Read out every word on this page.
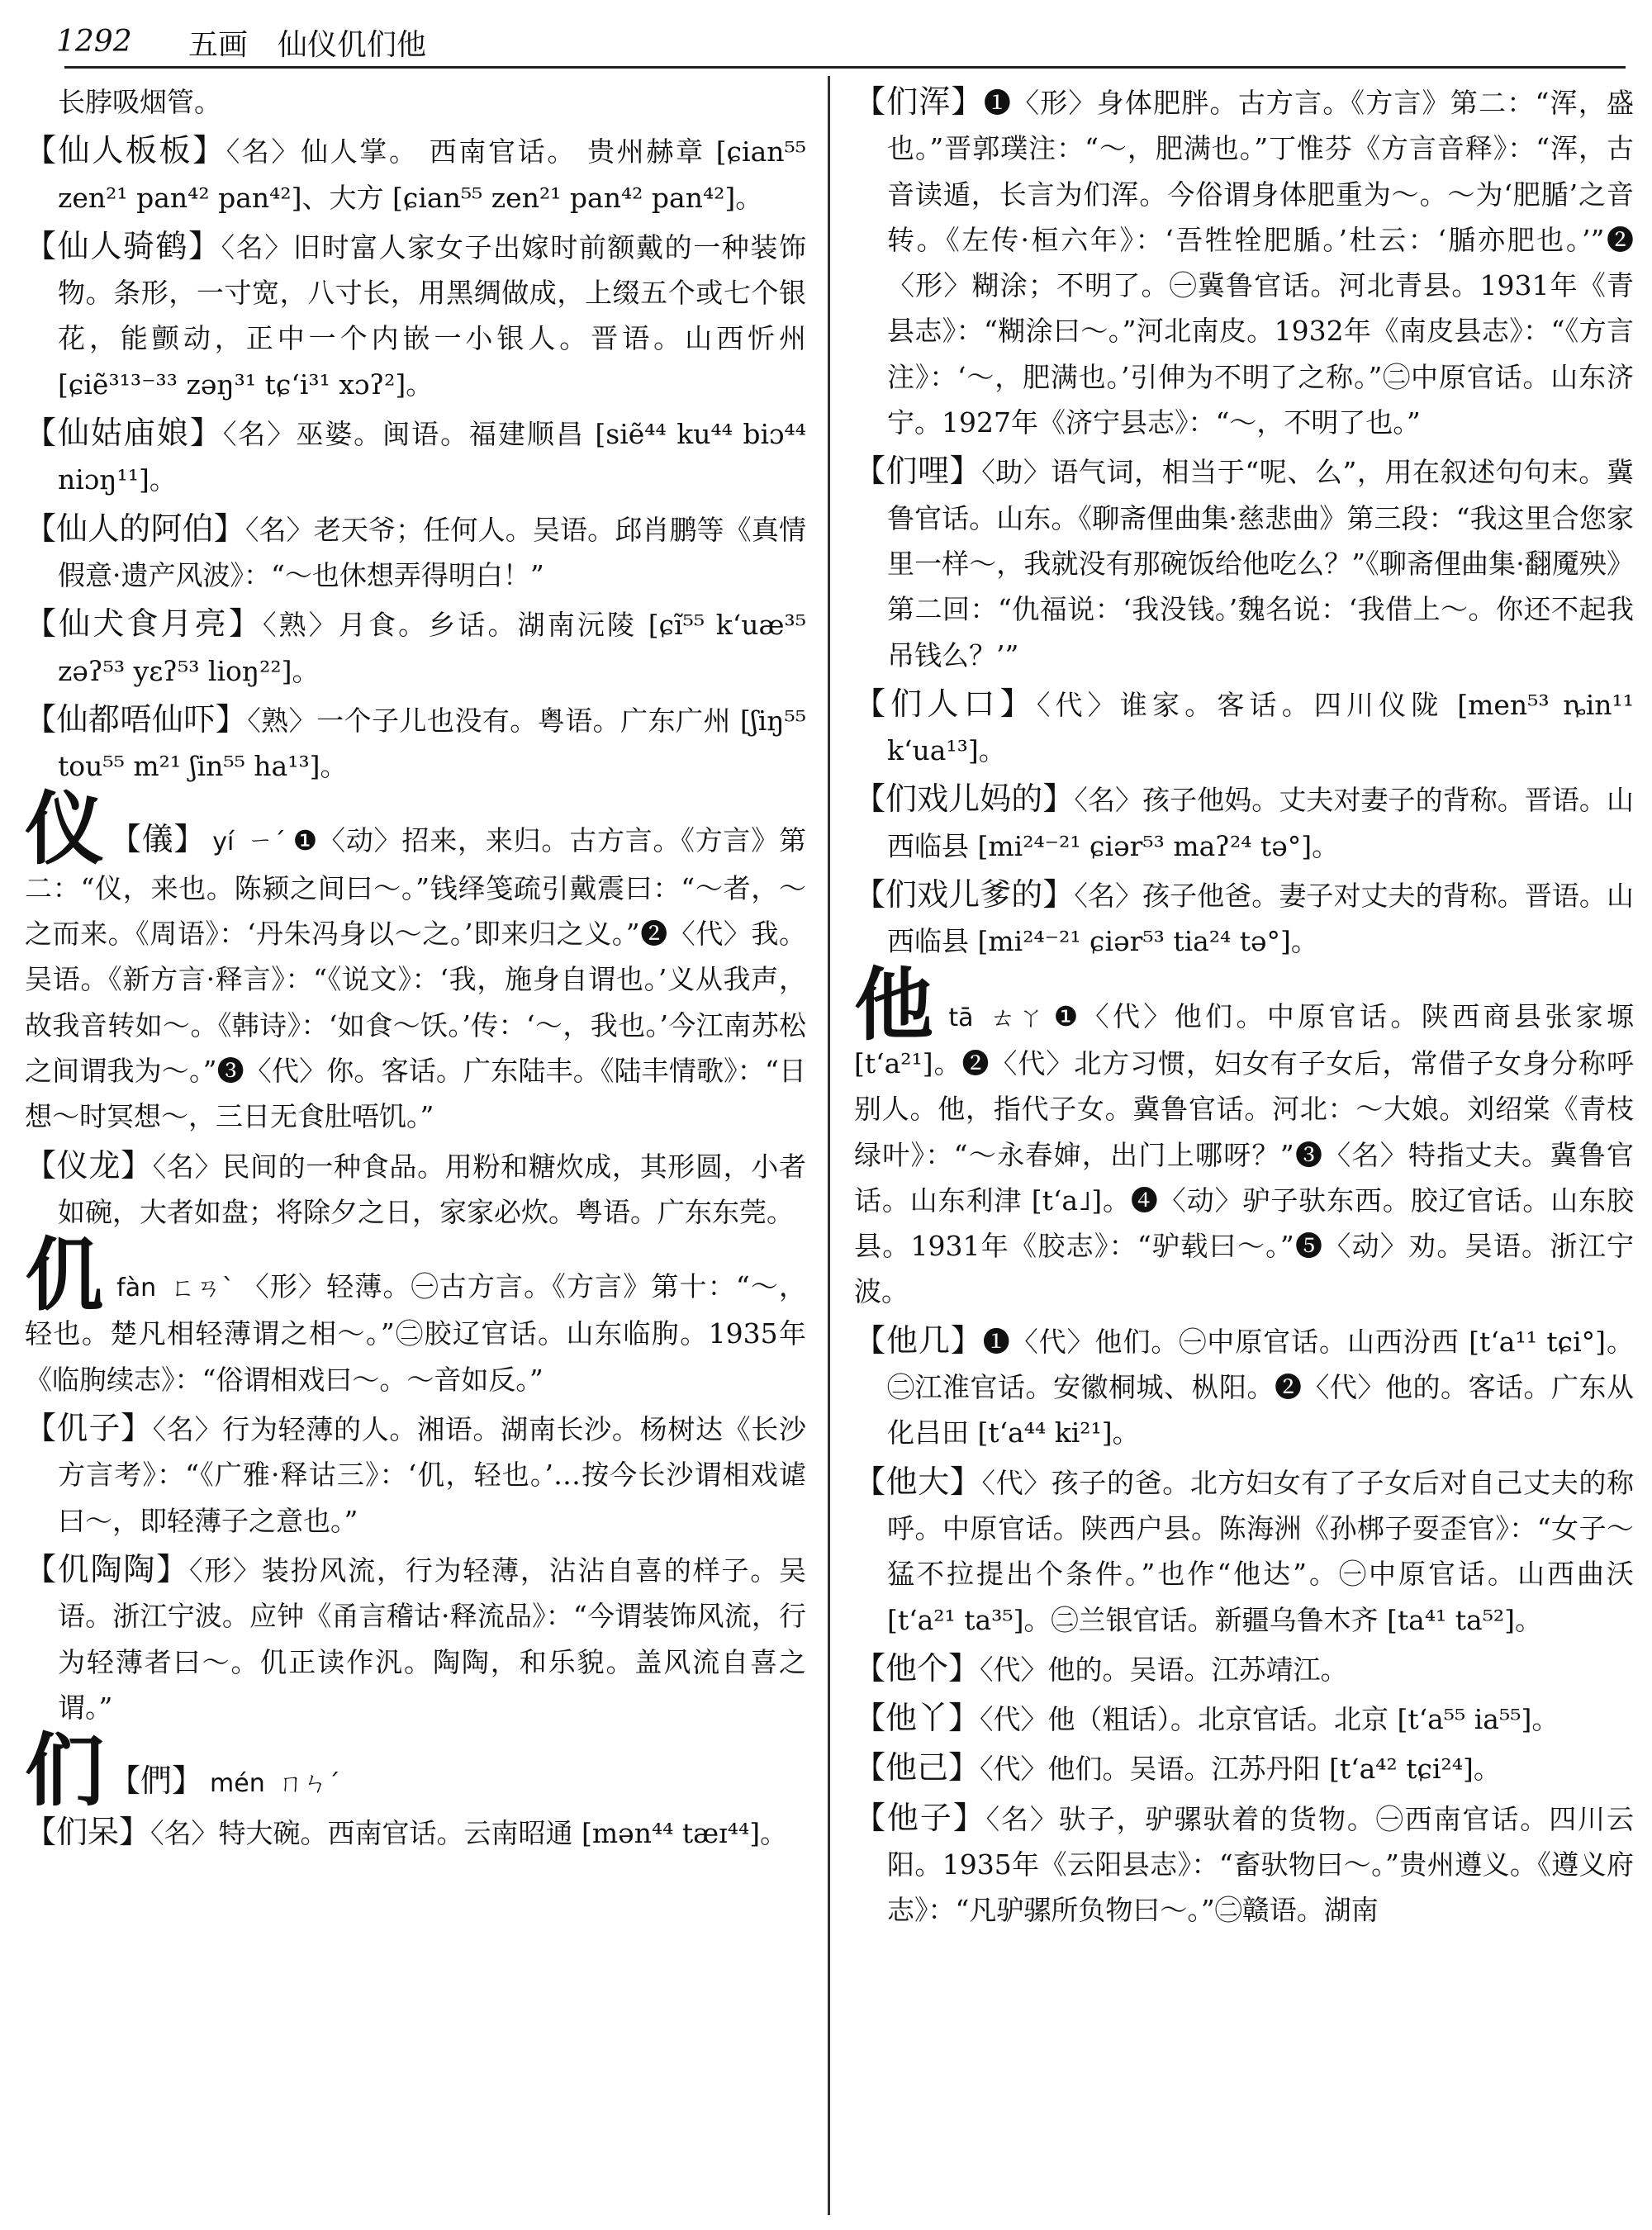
1292 五画　仙仪仉们他

长脖吸烟管。

【仙人板板】〈名〉仙人掌。 西南官话。 贵州赫章 [ɕian⁵⁵ zen²¹ pan⁴² pan⁴²]、大方 [ɕian⁵⁵ zen²¹ pan⁴² pan⁴²]。

【仙人骑鹤】〈名〉旧时富人家女子出嫁时前额戴的一种装饰物。条形，一寸宽，八寸长，用黑绸做成，上缀五个或七个银花，能颤动，正中一个内嵌一小银人。晋语。山西忻州 [ɕiẽ³¹³⁻³³ zəŋ³¹ tɕʻi³¹ xɔʔ²]。

【仙姑庙娘】〈名〉巫婆。闽语。福建顺昌 [siẽ⁴⁴ ku⁴⁴ biɔ⁴⁴ niɔŋ¹¹]。

【仙人的阿伯】〈名〉老天爷；任何人。吴语。邱肖鹏等《真情假意·遗产风波》：“～也休想弄得明白！”

【仙犬食月亮】〈熟〉月食。乡话。湖南沅陵 [ɕĩ⁵⁵ kʻuæ³⁵ zəʔ⁵³ yɛʔ⁵³ lioŋ²²]。

【仙都唔仙吓】〈熟〉一个子儿也没有。粤语。广东广州 [ʃiŋ⁵⁵ tou⁵⁵ m²¹ ʃin⁵⁵ ha¹³]。

仪 【儀】 yí ㄧˊ ❶〈动〉招来，来归。古方言。《方言》第二：“仪，来也。陈颍之间曰～。”钱绎笺疏引戴震曰：“～者，～之而来。《周语》：‘丹朱冯身以～之。’即来归之义。”❷〈代〉我。吴语。《新方言·释言》：“《说文》：‘我，施身自谓也。’义从我声，故我音转如～。《韩诗》：‘如食～饫。’传：‘～，我也。’今江南苏松之间谓我为～。”❸〈代〉你。客话。广东陆丰。《陆丰情歌》：“日想～时冥想～，三日无食肚唔饥。”

【仪龙】〈名〉民间的一种食品。用粉和糖炊成，其形圆，小者如碗，大者如盘；将除夕之日，家家必炊。粤语。广东东莞。

仉fàn ㄈㄢˋ 〈形〉轻薄。㊀古方言。《方言》第十：“～，轻也。楚凡相轻薄谓之相～。”㊁胶辽官话。山东临朐。1935年《临朐续志》：“俗谓相戏曰～。～音如反。”

【仉子】〈名〉行为轻薄的人。湘语。湖南长沙。杨树达《长沙方言考》：“《广雅·释诂三》：‘仉，轻也。’…按今长沙谓相戏谑曰～，即轻薄子之意也。”

【仉陶陶】〈形〉装扮风流，行为轻薄，沾沾自喜的样子。吴语。浙江宁波。应钟《甬言稽诂·释流品》：“今谓装饰风流，行为轻薄者曰～。仉正读作汎。陶陶，和乐貌。盖风流自喜之谓。”

们 【們】 mén ㄇㄣˊ

【们呆】〈名〉特大碗。西南官话。云南昭通 [mən⁴⁴ tæɪ⁴⁴]。

【们浑】❶〈形〉身体肥胖。古方言。《方言》第二：“浑，盛也。”晋郭璞注：“～，肥满也。”丁惟芬《方言音释》：“浑，古音读遁，长言为们浑。今俗谓身体肥重为～。～为‘肥腯’之音转。《左传·桓六年》：‘吾牲牷肥腯。’杜云：‘腯亦肥也。’”❷〈形〉糊涂；不明了。㊀冀鲁官话。河北青县。1931年《青县志》：“糊涂曰～。”河北南皮。1932年《南皮县志》：“《方言注》：‘～，肥满也。’引伸为不明了之称。”㊁中原官话。山东济宁。1927年《济宁县志》：“～，不明了也。”

【们哩】〈助〉语气词，相当于“呢、么”，用在叙述句句末。冀鲁官话。山东。《聊斋俚曲集·慈悲曲》第三段：“我这里合您家里一样～，我就没有那碗饭给他吃么？”《聊斋俚曲集·翻魇殃》第二回：“仇福说：‘我没钱。’魏名说：‘我借上～。你还不起我吊钱么？’”

【们人口】〈代〉谁家。客话。四川仪陇 [men⁵³ ȵin¹¹ kʻua¹³]。

【们戏儿妈的】〈名〉孩子他妈。丈夫对妻子的背称。晋语。山西临县 [mi²⁴⁻²¹ ɕiər⁵³ maʔ²⁴ tə°]。

【们戏儿爹的】〈名〉孩子他爸。妻子对丈夫的背称。晋语。山西临县 [mi²⁴⁻²¹ ɕiər⁵³ tia²⁴ tə°]。

他tā ㄊㄚ ❶〈代〉他们。中原官话。陕西商县张家塬 [tʻa²¹]。❷〈代〉北方习惯，妇女有子女后，常借子女身分称呼别人。他，指代子女。冀鲁官话。河北：～大娘。刘绍棠《青枝绿叶》：“～永春婶，出门上哪呀？”❸〈名〉特指丈夫。冀鲁官话。山东利津 [tʻa˩]。❹〈动〉驴子驮东西。胶辽官话。山东胶县。1931年《胶志》：“驴载曰～。”❺〈动〉劝。吴语。浙江宁波。

【他几】❶〈代〉他们。㊀中原官话。山西汾西 [tʻa¹¹ tɕi°]。㊁江淮官话。安徽桐城、枞阳。❷〈代〉他的。客话。广东从化吕田 [tʻa⁴⁴ ki²¹]。

【他大】〈代〉孩子的爸。北方妇女有了子女后对自己丈夫的称呼。中原官话。陕西户县。陈海洲《孙梆子耍歪官》：“女子～猛不拉提出个条件。”也作“他达”。㊀中原官话。山西曲沃 [tʻa²¹ ta³⁵]。㊁兰银官话。新疆乌鲁木齐 [ta⁴¹ ta⁵²]。

【他个】〈代〉他的。吴语。江苏靖江。

【他丫】〈代〉他（粗话）。北京官话。北京 [tʻa⁵⁵ ia⁵⁵]。

【他己】〈代〉他们。吴语。江苏丹阳 [tʻa⁴² tɕi²⁴]。

【他子】〈名〉驮子，驴骡驮着的货物。㊀西南官话。四川云阳。1935年《云阳县志》：“畜驮物曰～。”贵州遵义。《遵义府志》：“凡驴骡所负物曰～。”㊁赣语。湖南
